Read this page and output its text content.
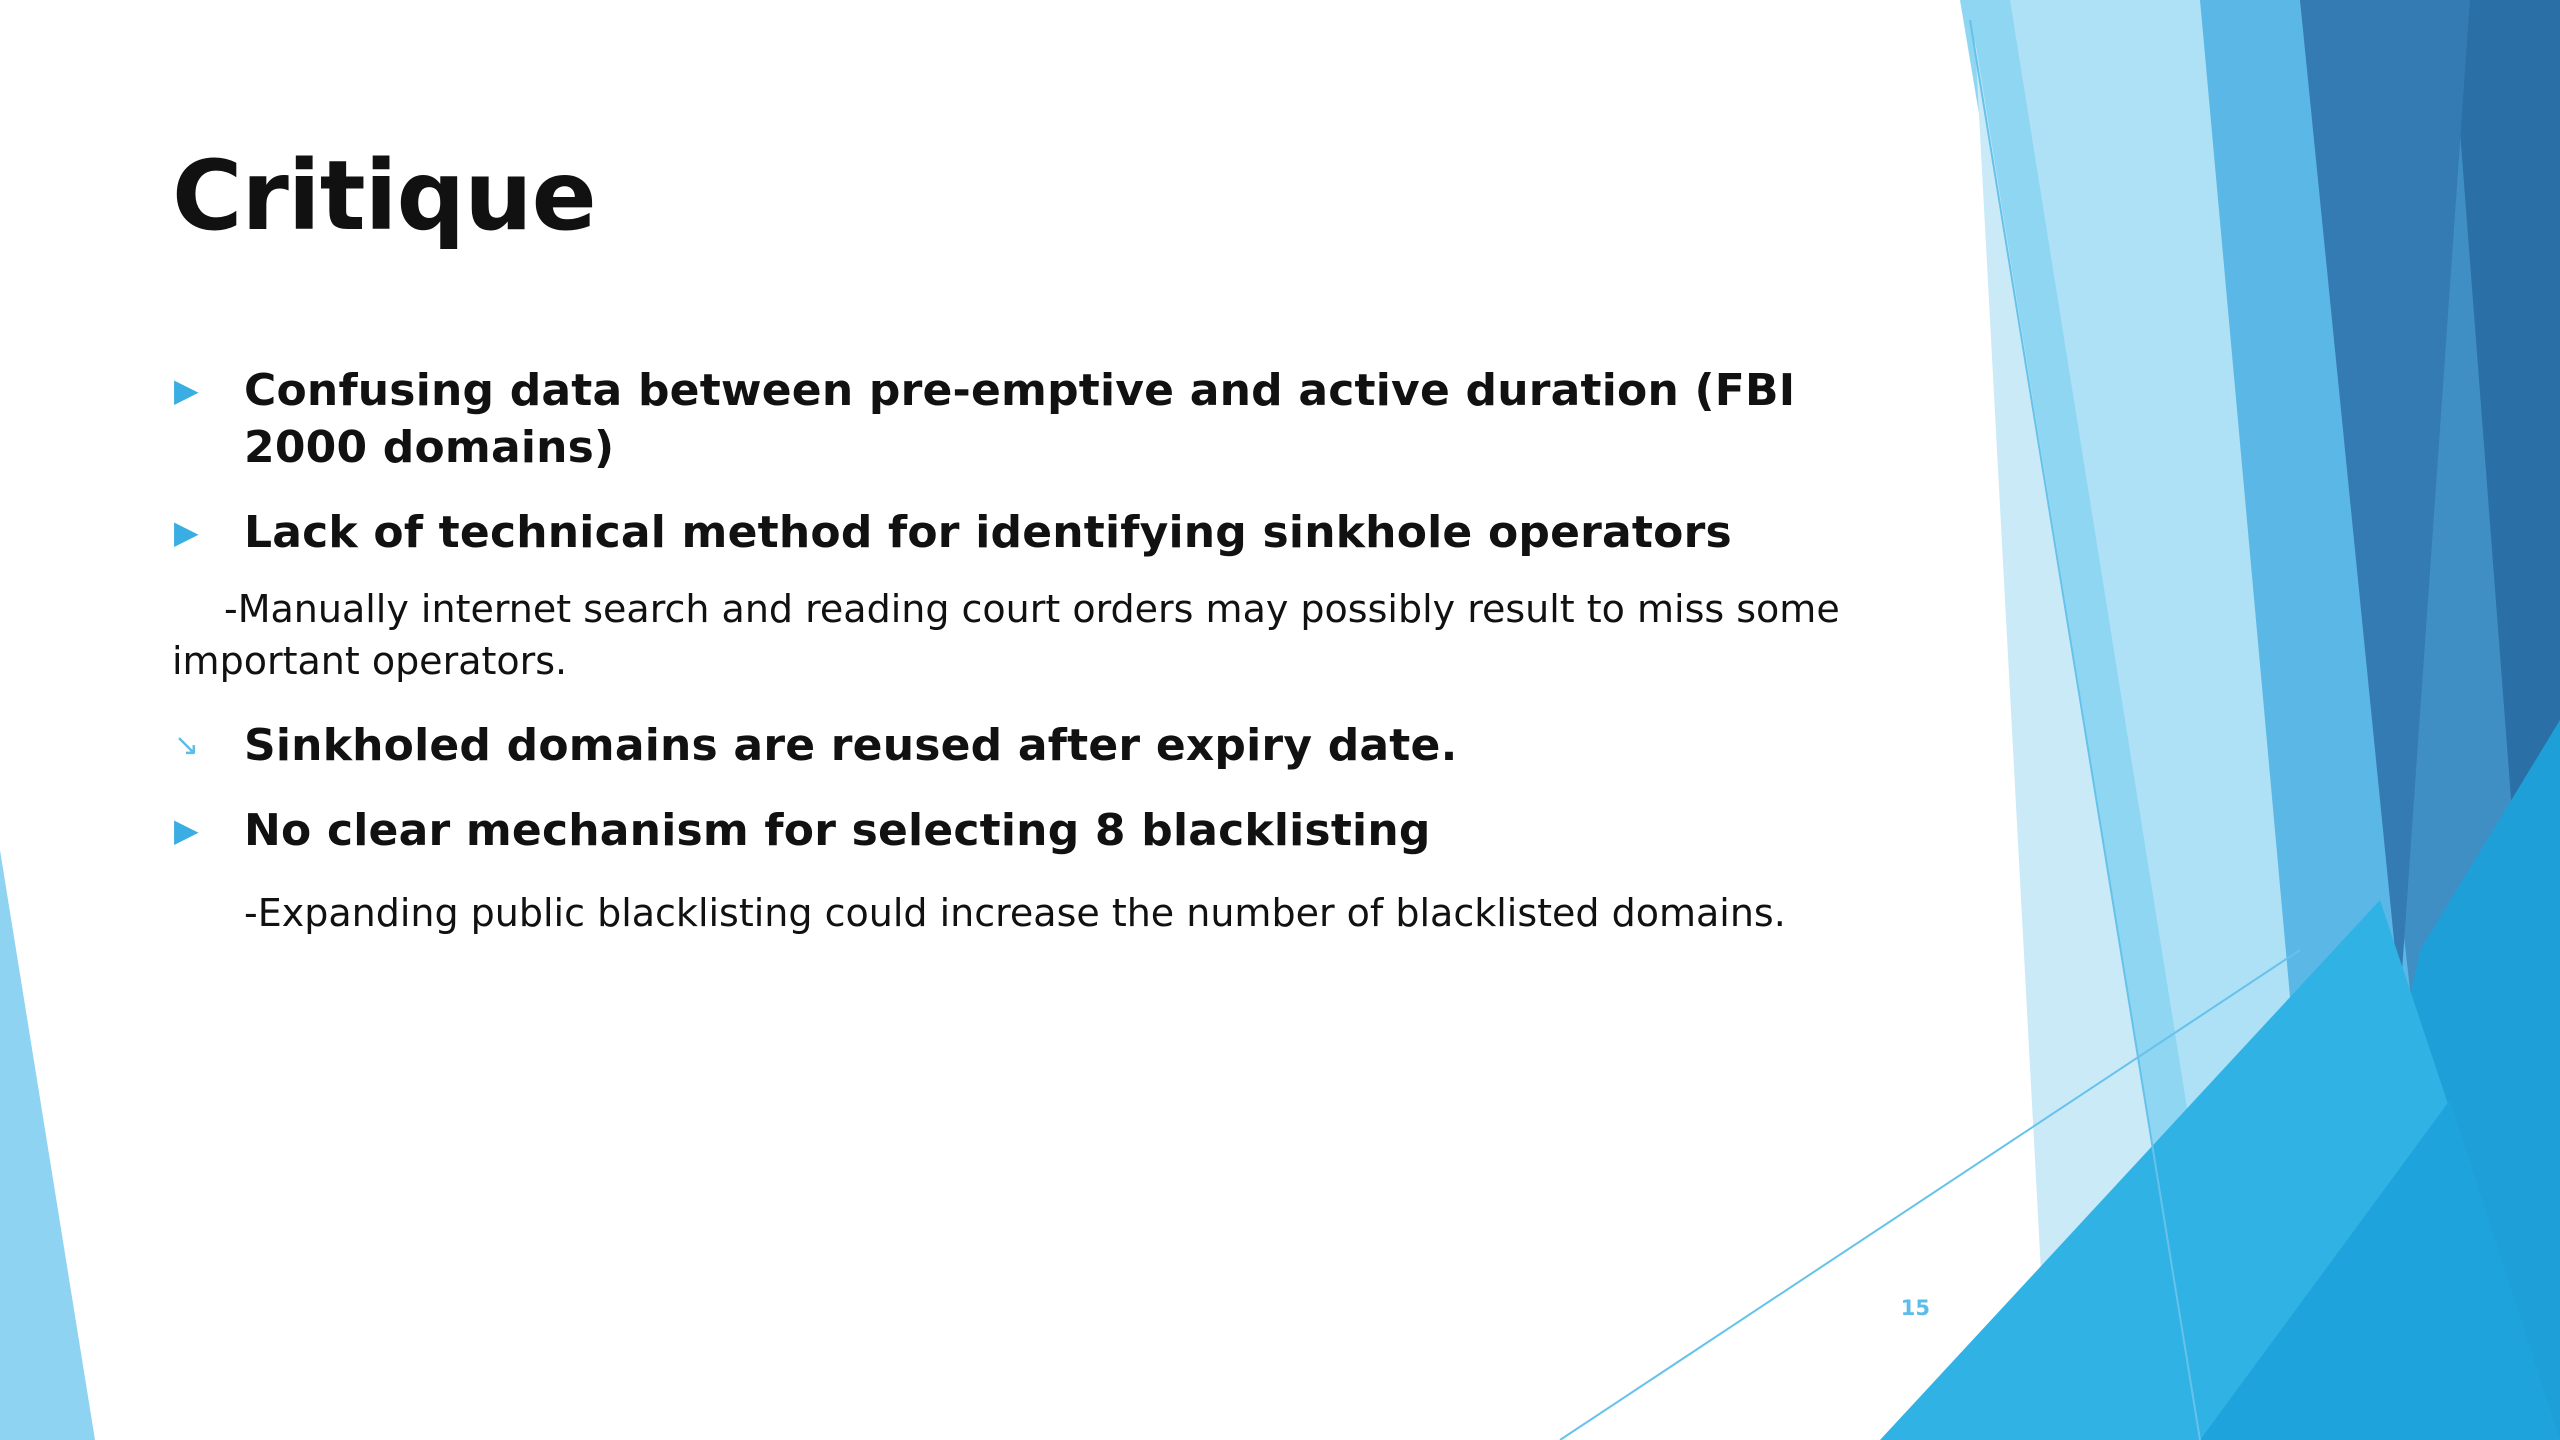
Critique
▶ Confusing data between pre-emptive and active duration (FBI 2000 domains)
▶ Lack of technical method for identifying sinkhole operators
-Manually internet search and reading court orders may possibly result to miss some important operators.
↘ Sinkholed domains are reused after expiry date.
▶ No clear mechanism for selecting 8 blacklisting
-Expanding public blacklisting could increase the number of blacklisted domains.
15
